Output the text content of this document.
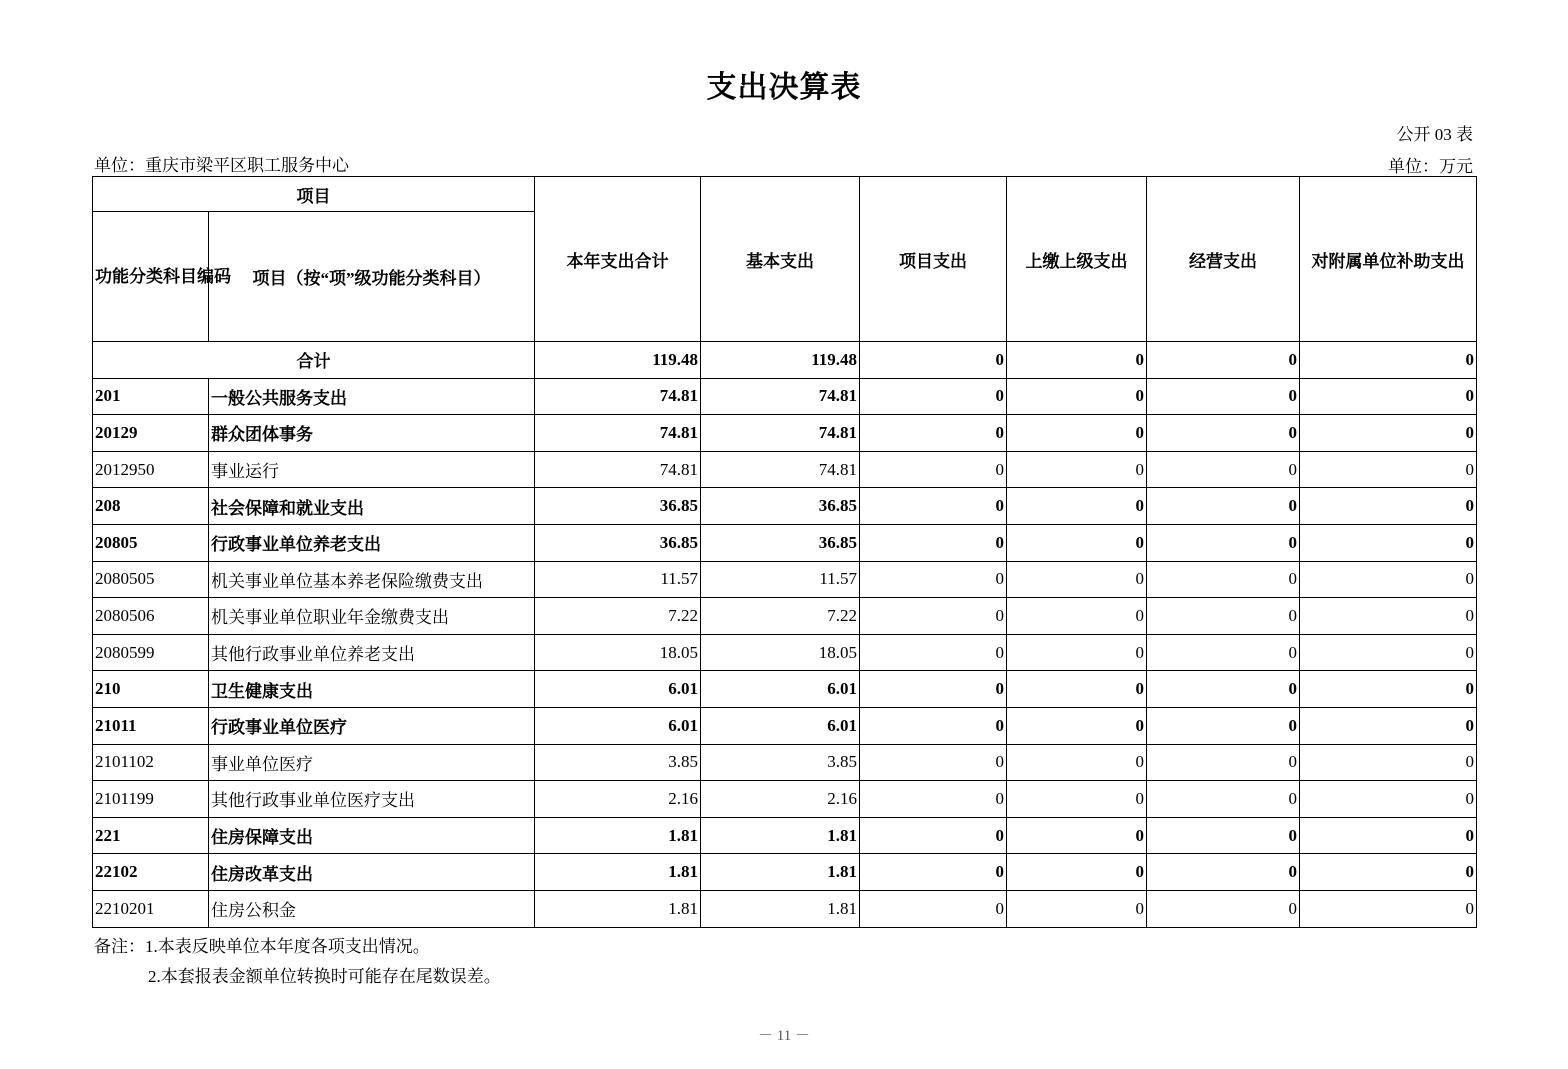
支出决算表
公开 03 表
单位：重庆市梁平区职工服务中心	单位：万元
项目		本年支出合计	基本支出	项目支出	上缴上级支出	经营支出	对附属单位补助支出
功能分类科目编码	项目（按“项”级功能分类科目）						
合计		119.48	119.48	0	0	0	0
201	一般公共服务支出	74.81	74.81	0	0	0	0
20129	群众团体事务	74.81	74.81	0	0	0	0
2012950	事业运行	74.81	74.81	0	0	0	0
208	社会保障和就业支出	36.85	36.85	0	0	0	0
20805	行政事业单位养老支出	36.85	36.85	0	0	0	0
2080505	机关事业单位基本养老保险缴费支出	11.57	11.57	0	0	0	0
2080506	机关事业单位职业年金缴费支出	7.22	7.22	0	0	0	0
2080599	其他行政事业单位养老支出	18.05	18.05	0	0	0	0
210	卫生健康支出	6.01	6.01	0	0	0	0
21011	行政事业单位医疗	6.01	6.01	0	0	0	0
2101102	事业单位医疗	3.85	3.85	0	0	0	0
2101199	其他行政事业单位医疗支出	2.16	2.16	0	0	0	0
221	住房保障支出	1.81	1.81	0	0	0	0
22102	住房改革支出	1.81	1.81	0	0	0	0
2210201	住房公积金	1.81	1.81	0	0	0	0
备注：1.本表反映单位本年度各项支出情况。
2.本套报表金额单位转换时可能存在尾数误差。
－ 11 －
